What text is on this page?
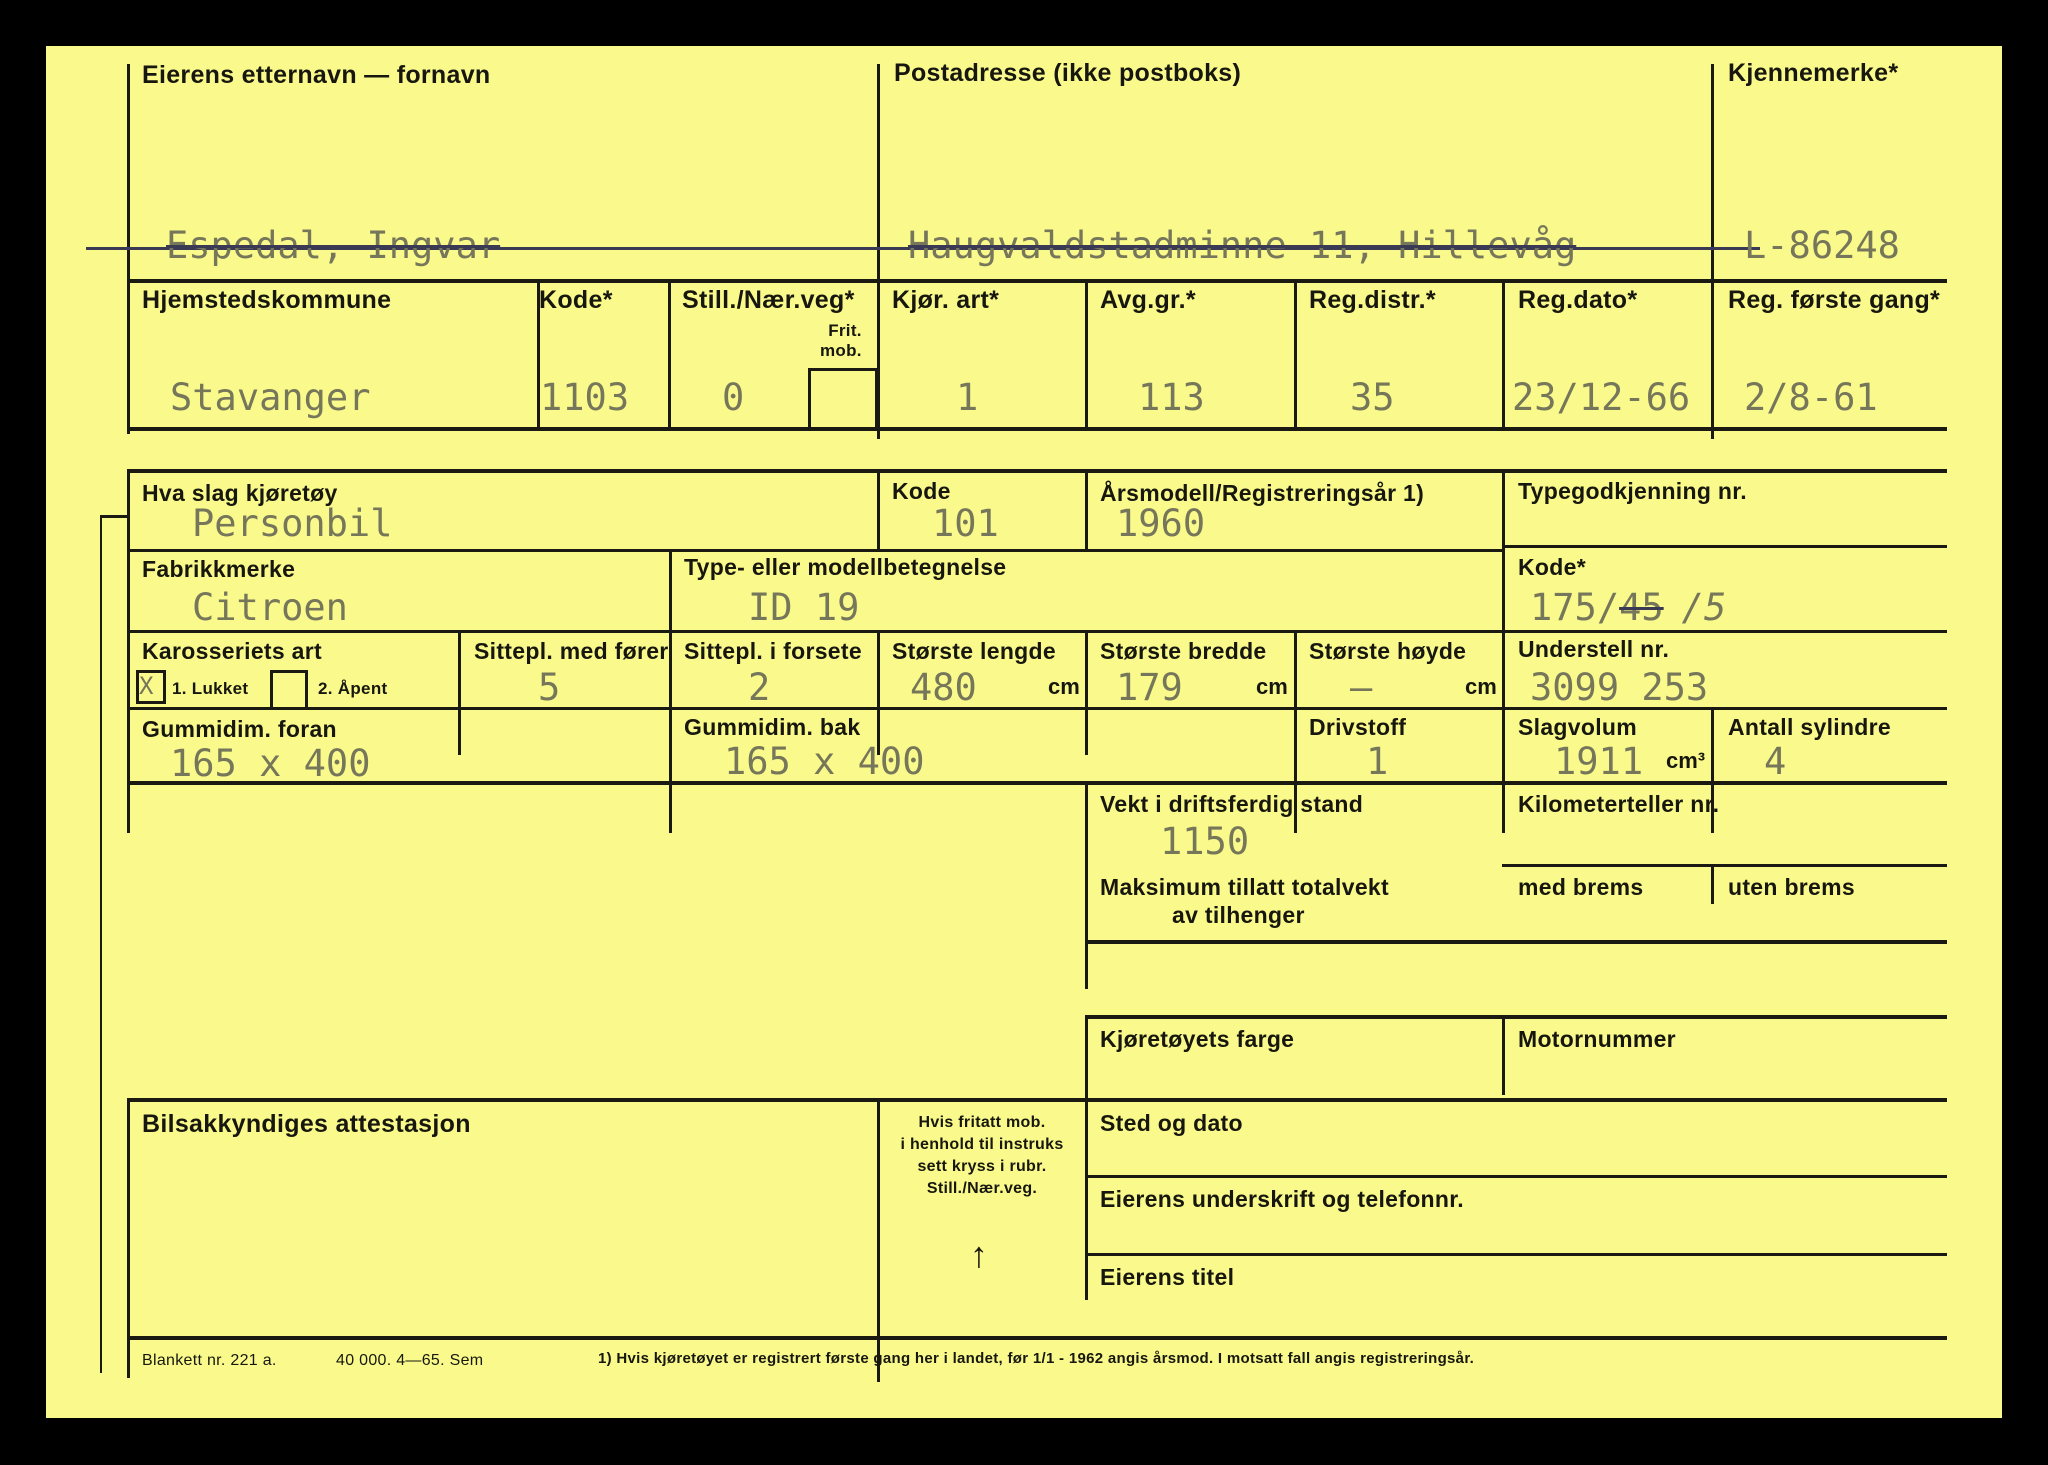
Eierens etternavn — fornavn
Espedal, Ingvar
Postadresse (ikke postboks)
Haugvaldstadminne 11, Hillevåg
Kjennemerke*
L-86248
Hjemstedskommune
Stavanger
Kode*
1103
Still./Nær.veg*
Frit.
mob.
0
Kjør. art*
1
Avg.gr.*
113
Reg.distr.*
35
Reg.dato*
23/12-66
Reg. første gang*
2/8-61
Hva slag kjøretøy
Personbil
Kode
101
Årsmodell/Registreringsår 1)
1960
Typegodkjenning nr.
Fabrikkmerke
Citroen
Type- eller modellbetegnelse
ID 19
Kode*
175/45 /5
Karosseriets art
X 1. Lukket	2. Åpent
Sittepl. med fører
5
Sittepl. i forsete
2
Største lengde
480	cm
Største bredde
179	cm
Største høyde
–	cm
Understell nr.
3099 253
Gummidim. foran
165 x 400
Gummidim. bak
165 x 400
Drivstoff
1
Slagvolum
1911 cm³
Antall sylindre
4
Vekt i driftsferdig stand
1150
Kilometerteller nr.
Maksimum tillatt totalvekt
av tilhenger
med brems	uten brems
Kjøretøyets farge	Motornummer
Bilsakkyndiges attestasjon	Hvis fritatt mob.
i henhold til instruks
sett kryss i rubr.
Still./Nær.veg.
↑
Sted og dato
Eierens underskrift og telefonnr.
Eierens titel
Blankett nr. 221 a.	40 000. 4—65. Sem	1) Hvis kjøretøyet er registrert første gang her i landet, før 1/1 - 1962 angis årsmod. I motsatt fall angis registreringsår.
